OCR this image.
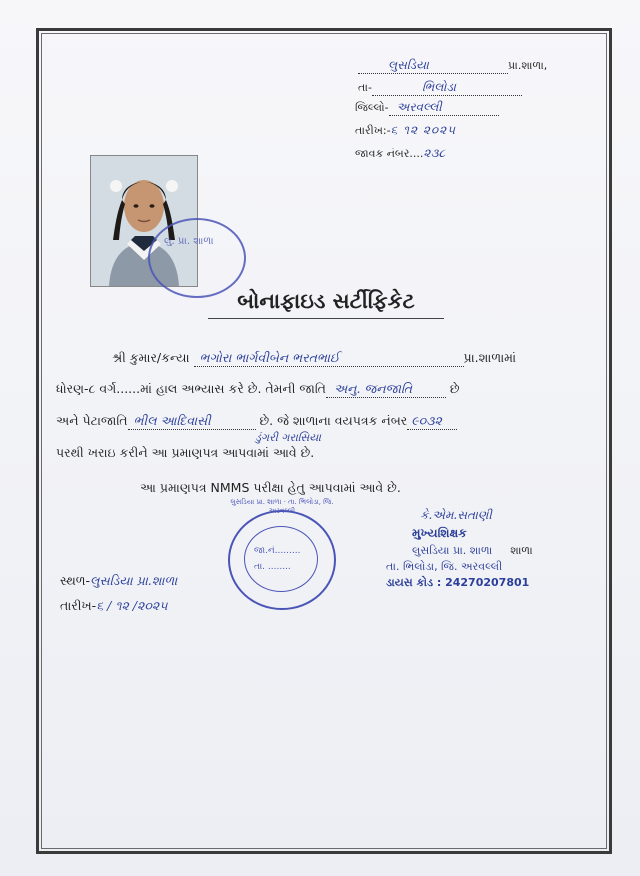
લુસડિયા	પ્રા.શાળા,
તા-	ભિલોડા
જિલ્લો- અરવલ્લી
તારીખ:-૬ ૧૨ ૨૦૨૫
જાવક નંબર....૨૩૮
લુ. પ્રા. શાળા
બોનાફાઇડ સર્ટીફિકેટ
શ્રી કુમાર/કન્યા ભગોરા ભાર્ગવીબેન ભરતભાઈ	પ્રા.શાળામાં
ધોરણ-૮ વર્ગ......માં હાલ અભ્યાસ કરે છે. તેમની જાતિ અનુ. જનજાતિ	છે
અને પેટાજાતિ ભીલ આદિવાસી	છે. જે શાળાના વયપત્રક નંબર ૯૦૩૨
ડુંગરી ગરાસિયા
પરથી ખરાઇ કરીને આ પ્રમાણપત્ર આપવામાં આવે છે.
આ પ્રમાણપત્ર NMMS પરીક્ષા હેતુ આપવામાં આવે છે.
જા.નં.........
તા. ........
લુસડિયા પ્રા. શાળા · તા. ભિલોડા, જિ. અરવલ્લી
સ્થળ-લુસડિયા પ્રા.શાળા
તારીખ-૬ / ૧૨ /૨૦૨૫
કે.એમ.સતાણી
મુખ્યશિક્ષક
લુસડિયા પ્રા. શાળા શાળા
તા. ભિલોડા, જિ. અરવલ્લી
ડાયસ કોડ : 24270207801
